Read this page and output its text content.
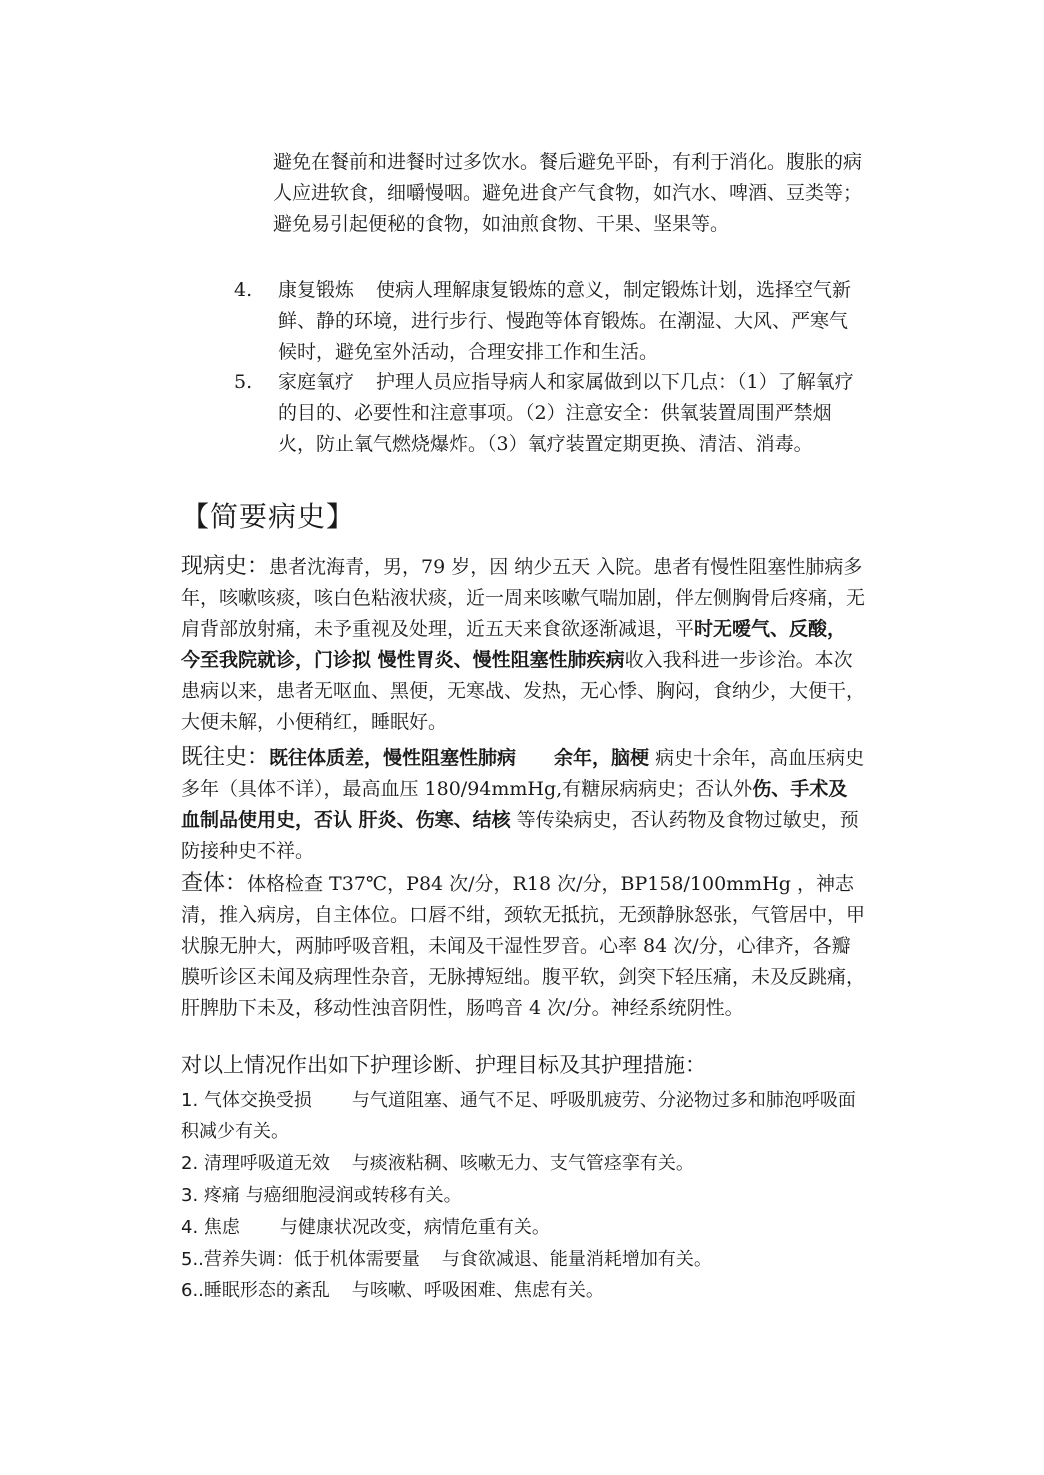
避免在餐前和进餐时过多饮水。餐后避免平卧，有利于消化。腹胀的病人应进软食，细嚼慢咽。避免进食产气食物，如汽水、啤酒、豆类等；避免易引起便秘的食物，如油煎食物、干果、坚果等。
4.	康复锻炼 使病人理解康复锻炼的意义，制定锻炼计划，选择空气新鲜、静的环境，进行步行、慢跑等体育锻炼。在潮湿、大风、严寒气候时，避免室外活动，合理安排工作和生活。
5.	家庭氧疗 护理人员应指导病人和家属做到以下几点：（1）了解氧疗的目的、必要性和注意事项。（2）注意安全：供氧装置周围严禁烟火，防止氧气燃烧爆炸。（3）氧疗装置定期更换、清洁、消毒。
【简要病史】
现病史：患者沈海青，男，79 岁，因 纳少五天 入院。患者有慢性阻塞性肺病多年，咳嗽咳痰，咳白色粘液状痰，近一周来咳嗽气喘加剧，伴左侧胸骨后疼痛，无肩背部放射痛，未予重视及处理，近五天来食欲逐渐减退，平时无嗳气、反酸，今至我院就诊，门诊拟 慢性胃炎、慢性阻塞性肺疾病收入我科进一步诊治。本次患病以来，患者无呕血、黑便，无寒战、发热，无心悸、胸闷，食纳少，大便干，大便未解，小便稍红，睡眠好。
既往史：既往体质差，慢性阻塞性肺病　　余年，脑梗 病史十余年，高血压病史多年（具体不详），最高血压 180/94mmHg,有糖尿病病史；否认外伤、手术及血制品使用史，否认 肝炎、伤寒、结核 等传染病史，否认药物及食物过敏史，预防接种史不祥。
查体：体格检查 T37℃，P84 次/分，R18 次/分，BP158/100mmHg ，神志清，推入病房，自主体位。口唇不绀，颈软无抵抗，无颈静脉怒张，气管居中，甲状腺无肿大，两肺呼吸音粗，未闻及干湿性罗音。心率 84 次/分，心律齐，各瓣膜听诊区未闻及病理性杂音，无脉搏短绌。腹平软，剑突下轻压痛，未及反跳痛，肝脾肋下未及，移动性浊音阴性，肠鸣音 4 次/分。神经系统阴性。
对以上情况作出如下护理诊断、护理目标及其护理措施：
1. 气体交换受损 与气道阻塞、通气不足、呼吸肌疲劳、分泌物过多和肺泡呼吸面积减少有关。
2. 清理呼吸道无效 与痰液粘稠、咳嗽无力、支气管痉挛有关。
3. 疼痛 与癌细胞浸润或转移有关。
4. 焦虑 与健康状况改变，病情危重有关。
5..营养失调：低于机体需要量 与食欲减退、能量消耗增加有关。
6..睡眠形态的紊乱 与咳嗽、呼吸困难、焦虑有关。
